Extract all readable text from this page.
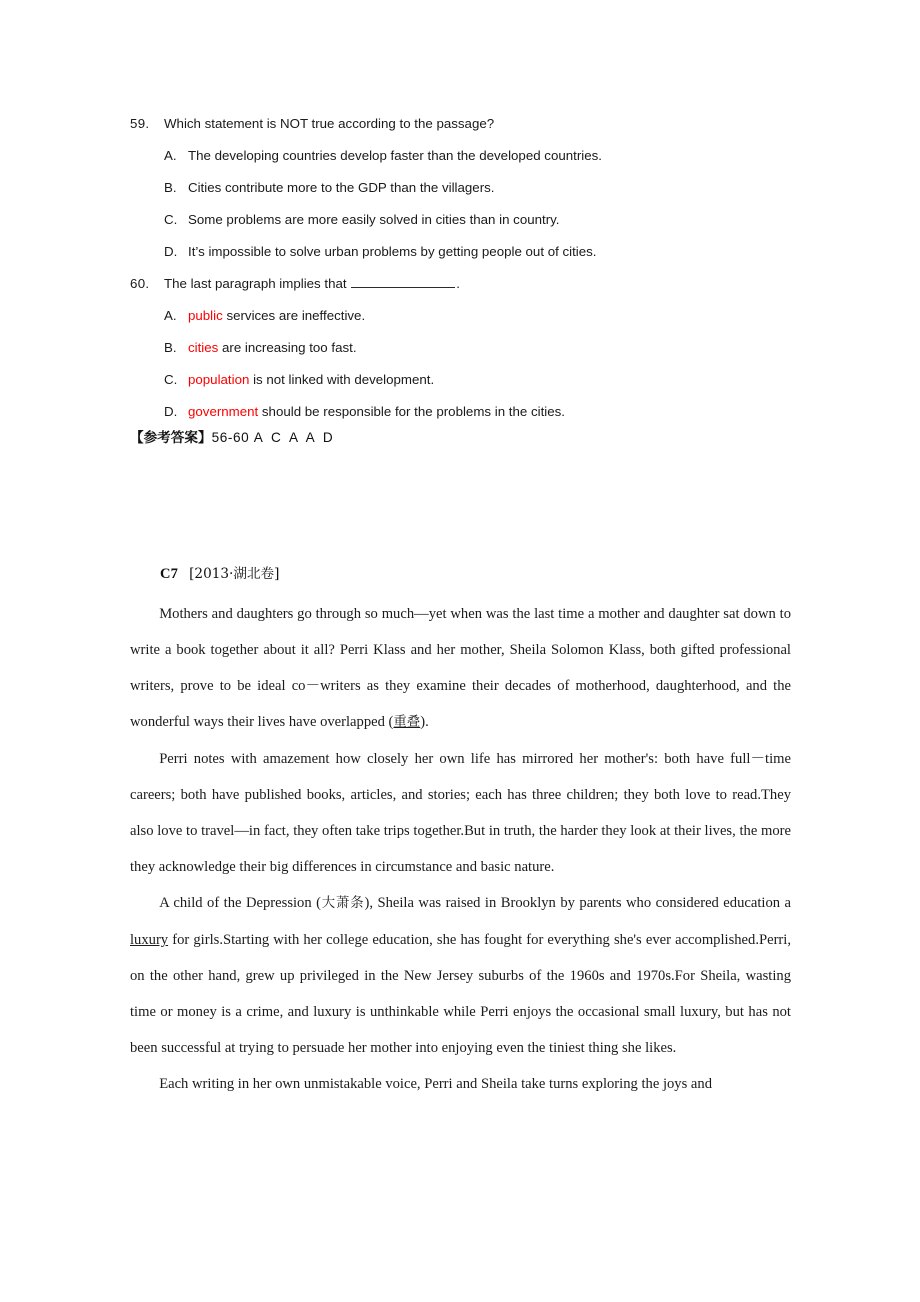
59.	Which statement is NOT true according to the passage?
A. The developing countries develop faster than the developed countries.
B. Cities contribute more to the GDP than the villagers.
C. Some problems are more easily solved in cities than in country.
D. It’s impossible to solve urban problems by getting people out of cities.
60.	The last paragraph implies that	.
A. public services are ineffective.
B. cities are increasing too fast.
C. population is not linked with development.
D. government should be responsible for the problems in the cities.
【参考答案】56-60 A C A A D
C7 [2013·湖北卷]

Mothers and daughters go through so much—yet when was the last time a mother and daughter sat down to write a book together about it all? Perri Klass and her mother, Sheila Solomon Klass, both gifted professional writers, prove to be ideal co－writers as they examine their decades of motherhood, daughterhood, and the wonderful ways their lives have overlapped (重叠).

Perri notes with amazement how closely her own life has mirrored her mother's: both have full－time careers; both have published books, articles, and stories; each has three children; they both love to read.They also love to travel—in fact, they often take trips together.But in truth, the harder they look at their lives, the more they acknowledge their big differences in circumstance and basic nature.

A child of the Depression (大萧条), Sheila was raised in Brooklyn by parents who considered education a luxury for girls.Starting with her college education, she has fought for everything she's ever accomplished.Perri, on the other hand, grew up privileged in the New Jersey suburbs of the 1960s and 1970s.For Sheila, wasting time or money is a crime, and luxury is unthinkable while Perri enjoys the occasional small luxury, but has not been successful at trying to persuade her mother into enjoying even the tiniest thing she likes.

Each writing in her own unmistakable voice, Perri and Sheila take turns exploring the joys and
